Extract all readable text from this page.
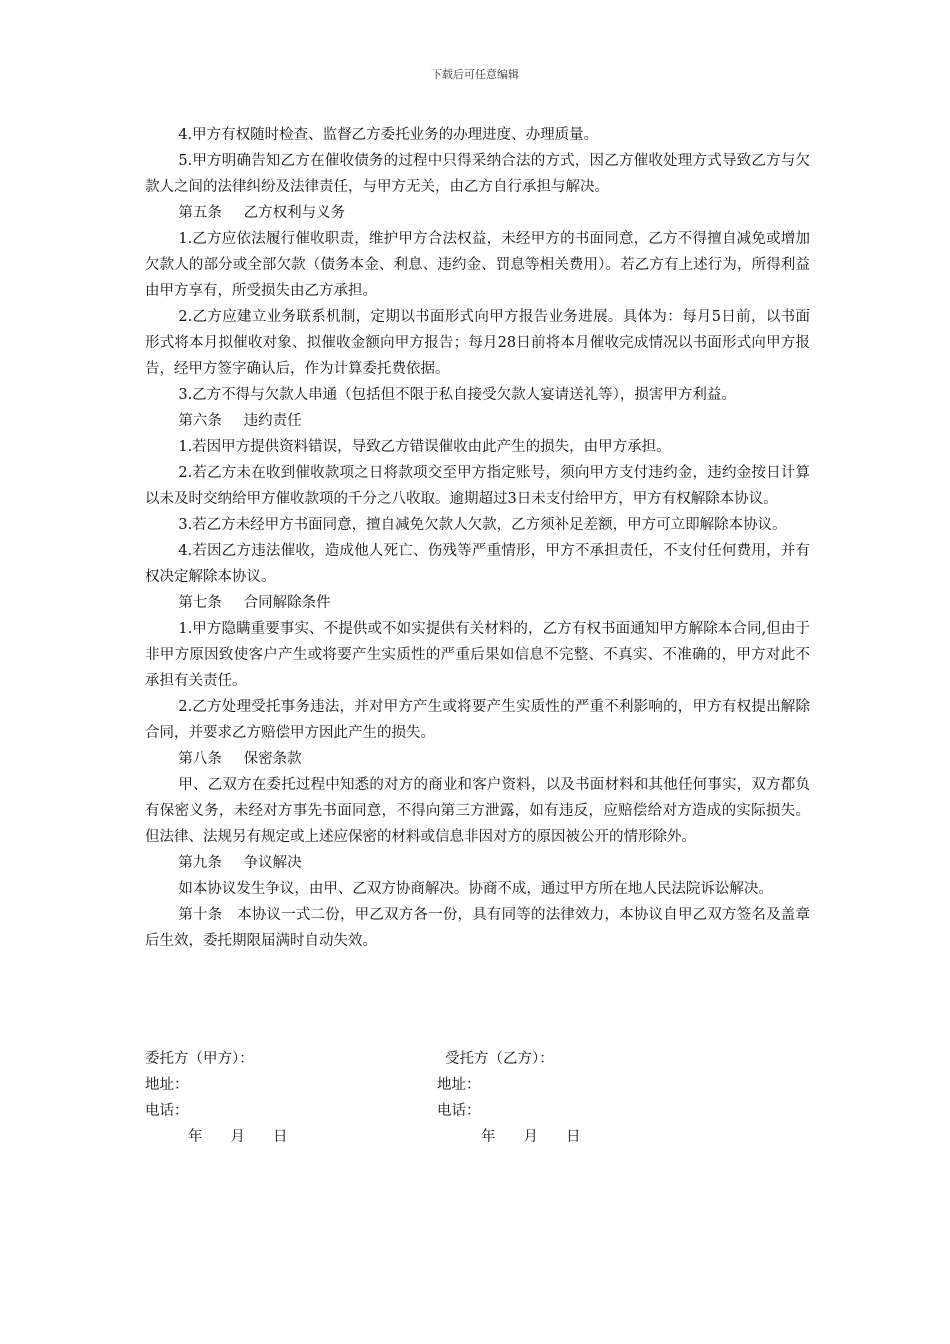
下载后可任意编辑

4.甲方有权随时检查、监督乙方委托业务的办理进度、办理质量。

5.甲方明确告知乙方在催收债务的过程中只得采纳合法的方式，因乙方催收处理方式导致乙方与欠款人之间的法律纠纷及法律责任，与甲方无关，由乙方自行承担与解决。

第五条 乙方权利与义务

1.乙方应依法履行催收职责，维护甲方合法权益，未经甲方的书面同意，乙方不得擅自减免或增加欠款人的部分或全部欠款（债务本金、利息、违约金、罚息等相关费用）。若乙方有上述行为，所得利益由甲方享有，所受损失由乙方承担。

2.乙方应建立业务联系机制，定期以书面形式向甲方报告业务进展。具体为：每月5日前，以书面形式将本月拟催收对象、拟催收金额向甲方报告；每月28日前将本月催收完成情况以书面形式向甲方报告，经甲方签字确认后，作为计算委托费依据。

3.乙方不得与欠款人串通（包括但不限于私自接受欠款人宴请送礼等），损害甲方利益。

第六条 违约责任

1.若因甲方提供资料错误，导致乙方错误催收由此产生的损失，由甲方承担。

2.若乙方未在收到催收款项之日将款项交至甲方指定账号，须向甲方支付违约金，违约金按日计算以未及时交纳给甲方催收款项的千分之八收取。逾期超过3日未支付给甲方，甲方有权解除本协议。

3.若乙方未经甲方书面同意，擅自减免欠款人欠款，乙方须补足差额，甲方可立即解除本协议。

4.若因乙方违法催收，造成他人死亡、伤残等严重情形，甲方不承担责任，不支付任何费用，并有权决定解除本协议。

第七条 合同解除条件

1.甲方隐瞒重要事实、不提供或不如实提供有关材料的，乙方有权书面通知甲方解除本合同,但由于非甲方原因致使客户产生或将要产生实质性的严重后果如信息不完整、不真实、不准确的，甲方对此不承担有关责任。

2.乙方处理受托事务违法，并对甲方产生或将要产生实质性的严重不利影响的，甲方有权提出解除合同，并要求乙方赔偿甲方因此产生的损失。

第八条 保密条款

甲、乙双方在委托过程中知悉的对方的商业和客户资料，以及书面材料和其他任何事实，双方都负有保密义务，未经对方事先书面同意，不得向第三方泄露，如有违反，应赔偿给对方造成的实际损失。但法律、法规另有规定或上述应保密的材料或信息非因对方的原因被公开的情形除外。

第九条 争议解决

如本协议发生争议，由甲、乙双方协商解决。协商不成，通过甲方所在地人民法院诉讼解决。

第十条　本协议一式二份，甲乙双方各一份，具有同等的法律效力，本协议自甲乙双方签名及盖章后生效，委托期限届满时自动失效。

委托方（甲方）：	受托方（乙方）：
地址：	地址：
电话：	电话：
年 月 日	年 月 日
